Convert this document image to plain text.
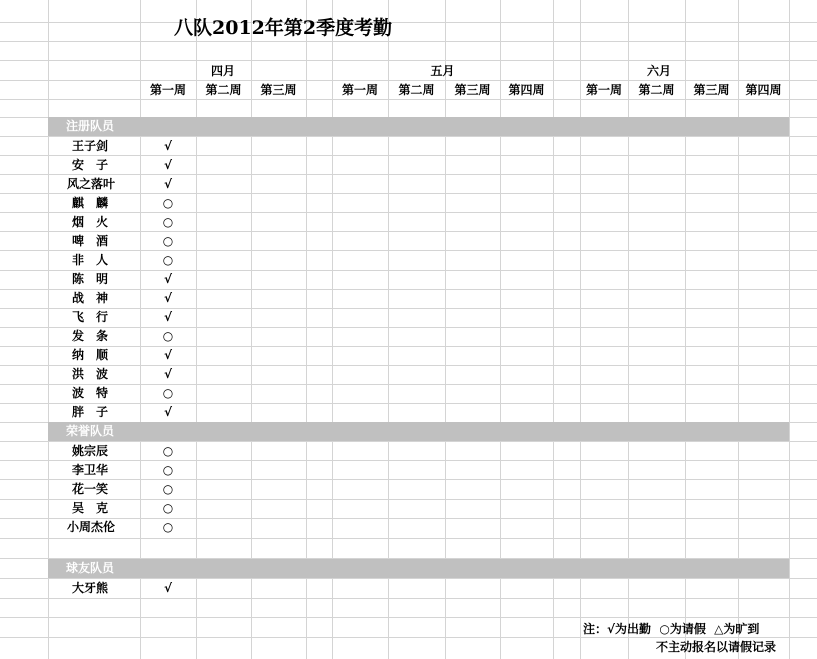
八队2012年第2季度考勤
四月	五月	六月
第一周	第二周	第三周	第一周	第二周	第三周	第四周	第一周	第二周	第三周	第四周
注册队员
王子剑	√
安　子	√
风之落叶	√
麒　麟	○
烟　火	○
啤　酒	○
非　人	○
陈　明	√
战　神	√
飞　行	√
发　条	○
纳　顺	√
洪　波	√
波　特	○
胖　子	√
荣誉队员
姚宗辰	○
李卫华	○
花一笑	○
吴　克	○
小周杰伦	○
球友队员
大牙熊	√
注：√为出勤  ○为请假  △为旷到
不主动报名以请假记录
